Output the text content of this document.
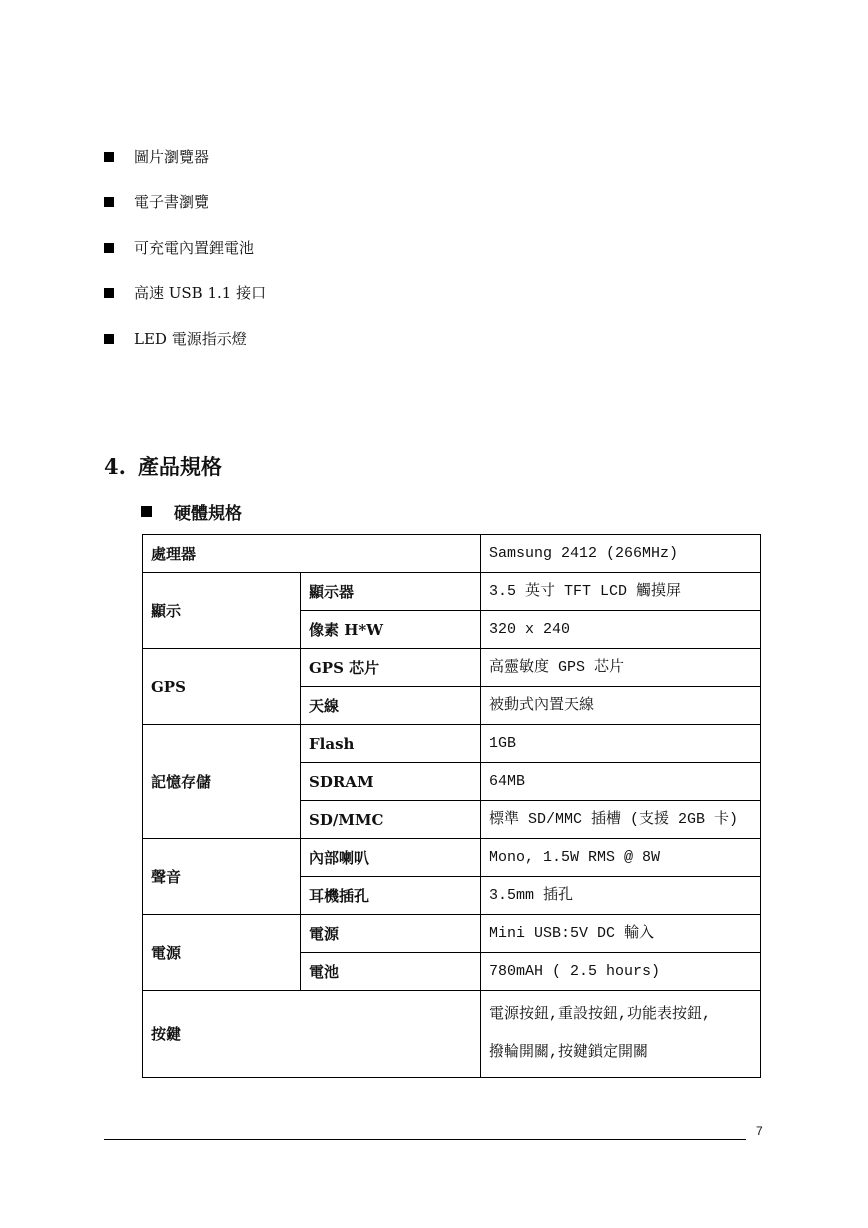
圖片瀏覽器
電子書瀏覽
可充電內置鋰電池
高速 USB 1.1 接口
LED 電源指示燈
4. 產品規格
硬體規格
處理器		Samsung 2412 (266MHz)
顯示	顯示器	3.5 英寸 TFT LCD 觸摸屏
	像素 H*W	320 x 240
GPS	GPS 芯片	高靈敏度 GPS 芯片
	天線	被動式內置天線
記憶存儲	Flash	1GB
	SDRAM	64MB
	SD/MMC	標準 SD/MMC 插槽 (支援 2GB 卡)
聲音	內部喇叭	Mono, 1.5W RMS @ 8W
	耳機插孔	3.5mm 插孔
電源	電源	Mini USB:5V DC 輸入
	電池	780mAH ( 2.5 hours)
按鍵		電源按鈕,重設按鈕,功能表按鈕,
撥輪開關,按鍵鎖定開關
7
